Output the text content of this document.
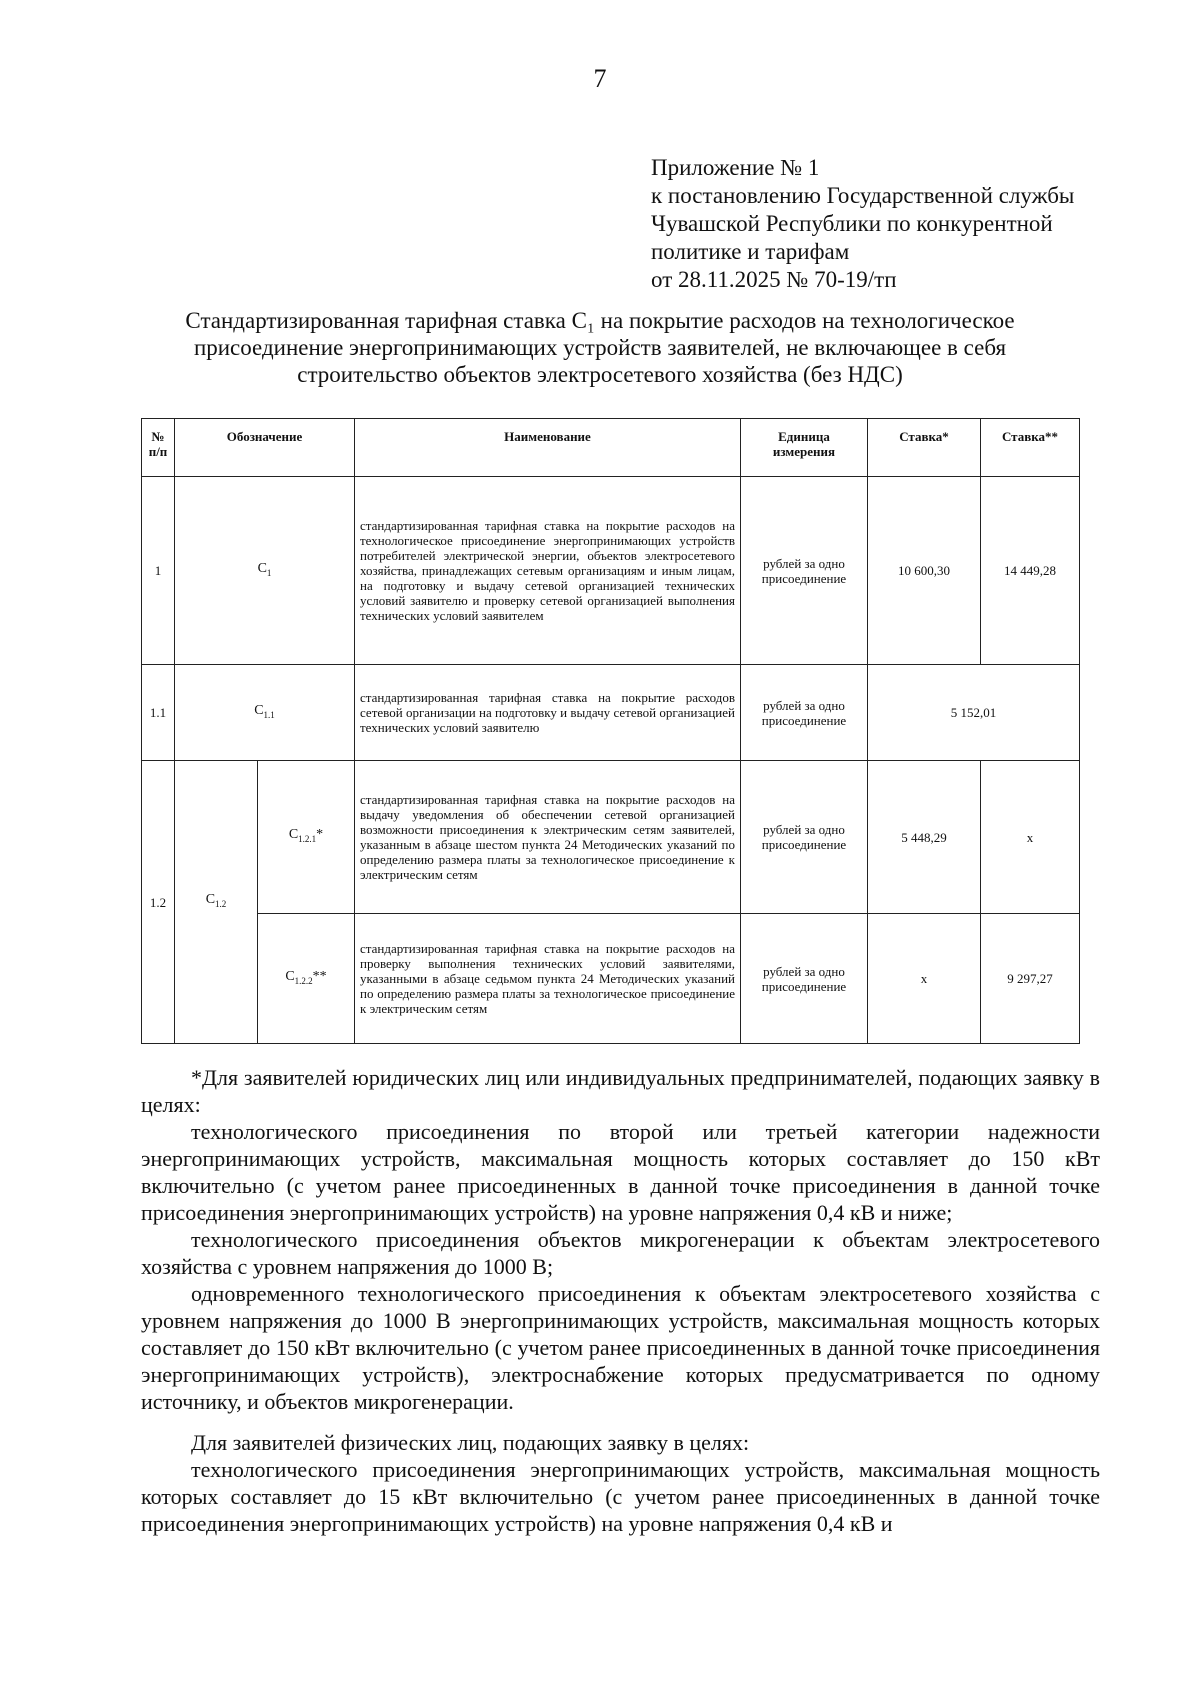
7
Приложение № 1
к постановлению Государственной службы
Чувашской Республики по конкурентной
политике и тарифам
от 28.11.2025 № 70-19/тп
Стандартизированная тарифная ставка C₁ на покрытие расходов на технологическое
присоединение энергопринимающих устройств заявителей, не включающее в себя
строительство объектов электросетевого хозяйства (без НДС)
№ п/п	Обозначение		Наименование	Единица измерения	Ставка*	Ставка**
1	$C_1$		стандартизированная тарифная ставка на покрытие расходов на технологическое присоединение энергопринимающих устройств потребителей электрической энергии, объектов электросетевого хозяйства, принадлежащих сетевым организациям и иным лицам, на подготовку и выдачу сетевой организацией технических условий заявителю и проверку сетевой организацией выполнения технических условий заявителем	рублей за одно присоединение	10 600,30	14 449,28
1.1	$C_{1.1}$		стандартизированная тарифная ставка на покрытие расходов сетевой организации на подготовку и выдачу сетевой организацией технических условий заявителю	рублей за одно присоединение	5 152,01	
1.2	$C_{1.2}$	$C_{1.2.1}*$	стандартизированная тарифная ставка на покрытие расходов на выдачу уведомления об обеспечении сетевой организацией возможности присоединения к электрическим сетям заявителей, указанным в абзаце шестом пункта 24 Методических указаний по определению размера платы за технологическое присоединение к электрическим сетям	рублей за одно присоединение	5 448,29	x
		$C_{1.2.2}**$	стандартизированная тарифная ставка на покрытие расходов на проверку выполнения технических условий заявителями, указанными в абзаце седьмом пункта 24 Методических указаний по определению размера платы за технологическое присоединение к электрическим сетям	рублей за одно присоединение	x	9 297,27

*Для заявителей юридических лиц или индивидуальных предпринимателей, подающих заявку в целях:

технологического присоединения по второй или третьей категории надежности энергопринимающих устройств, максимальная мощность которых составляет до 150 кВт включительно (с учетом ранее присоединенных в данной точке присоединения в данной точке присоединения энергопринимающих устройств) на уровне напряжения 0,4 кВ и ниже;

технологического присоединения объектов микрогенерации к объектам электросетевого хозяйства с уровнем напряжения до 1000 В;

одновременного технологического присоединения к объектам электросетевого хозяйства с уровнем напряжения до 1000 В энергопринимающих устройств, максимальная мощность которых составляет до 150 кВт включительно (с учетом ранее присоединенных в данной точке присоединения энергопринимающих устройств), электроснабжение которых предусматривается по одному источнику, и объектов микрогенерации.

Для заявителей физических лиц, подающих заявку в целях:

технологического присоединения энергопринимающих устройств, максимальная мощность которых составляет до 15 кВт включительно (с учетом ранее присоединенных в данной точке присоединения энергопринимающих устройств) на уровне напряжения 0,4 кВ и
